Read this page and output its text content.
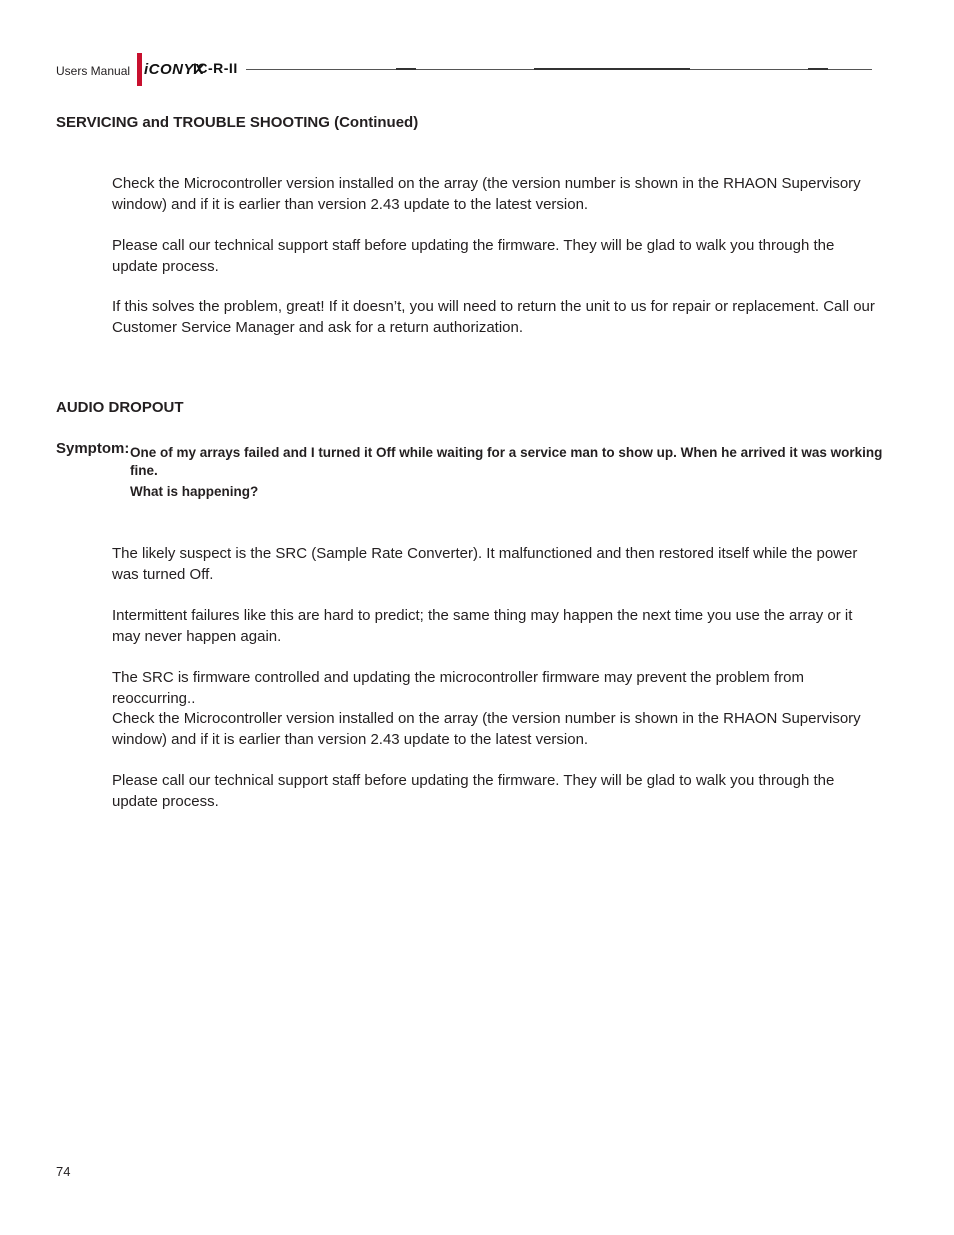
Users Manual iCONYX
IC-R-II
SERVICING and TROUBLE SHOOTING (Continued)

Check the Microcontroller version installed on the array (the version number is shown in the RHAON Supervisory window) and if it is earlier than version 2.43 update to the latest version.

Please call our technical support staff before updating the firmware. They will be glad to walk you through the update process.

If this solves the problem, great! If it doesn’t, you will need to return the unit to us for repair or replacement. Call our Customer Service Manager and ask for a return authorization.

AUDIO DROPOUT
Symptom: One of my arrays failed and I turned it Off while waiting for a service man to show up. When he arrived it was working
fine.
What is happening?

The likely suspect is the SRC (Sample Rate Converter). It malfunctioned and then restored itself while the power was turned Off.

Intermittent failures like this are hard to predict; the same thing may happen the next time you use the array or it may never happen again.

The SRC is firmware controlled and updating the microcontroller firmware may prevent the problem from reoccurring..

Check the Microcontroller version installed on the array (the version number is shown in the RHAON Supervisory window) and if it is earlier than version 2.43 update to the latest version.

Please call our technical support staff before updating the firmware. They will be glad to walk you through the update process.

74
